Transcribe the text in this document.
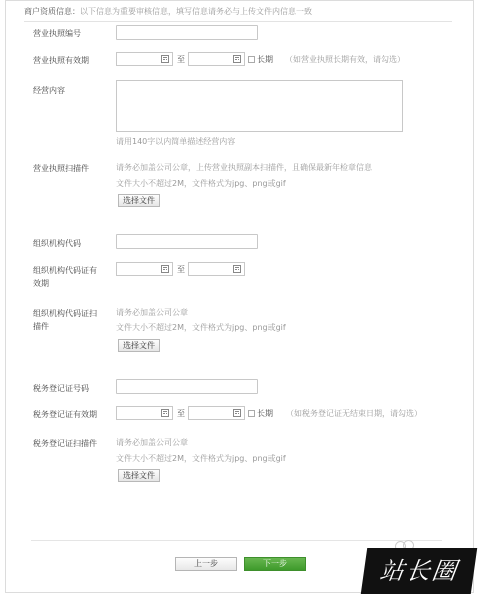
商户资质信息：以下信息为重要审核信息，填写信息请务必与上传文件内信息一致
营业执照编号
营业执照有效期	至	长期 （如营业执照长期有效，请勾选）
经营内容
请用140字以内简单描述经营内容
营业执照扫描件	请务必加盖公司公章，上传营业执照副本扫描件，且确保最新年检章信息
文件大小不超过2M，文件格式为jpg、png或gif
选择文件
组织机构代码
组织机构代码证有
效期
至
组织机构代码证扫
描件
请务必加盖公司公章
文件大小不超过2M，文件格式为jpg、png或gif
选择文件
税务登记证号码
税务登记证有效期	至	长期 （如税务登记证无结束日期，请勾选）
税务登记证扫描件 请务必加盖公司公章
文件大小不超过2M，文件格式为jpg、png或gif
选择文件
上一步	下一步	站长圈
